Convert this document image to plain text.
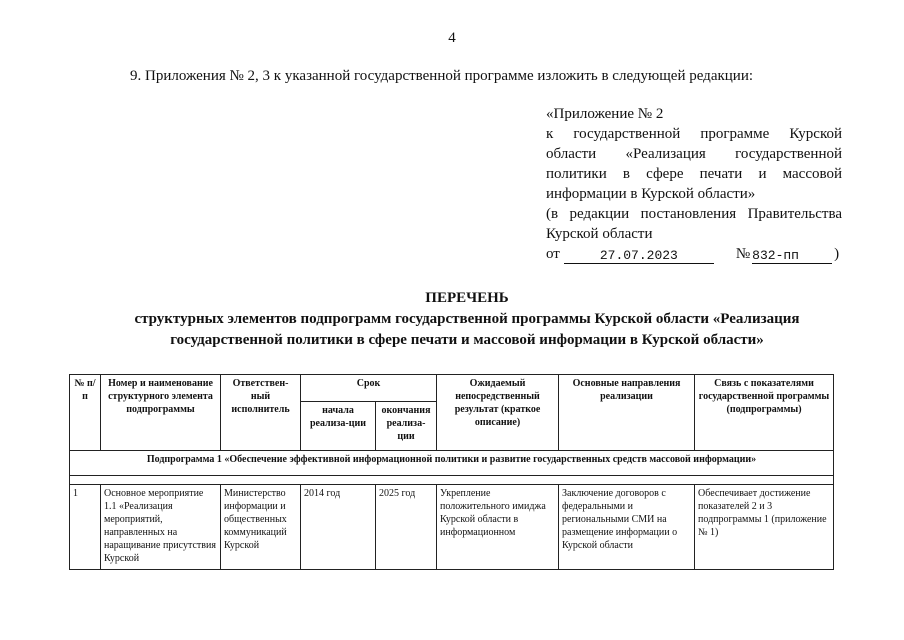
4
9. Приложения № 2, 3 к указанной государственной программе изложить в следующей редакции:
«Приложение № 2
к государственной программе Курской
области «Реализация государственной
политики в сфере печати и массовой
информации в Курской области»
(в редакции постановления Правительства
Курской области
от	27.07.2023	№ 832-пп	)
ПЕРЕЧЕНЬ
структурных элементов подпрограмм государственной программы Курской области «Реализация
государственной политики в сфере печати и массовой информации в Курской области»
№ п/п	Номер и наименование структурного элемента подпрограммы	Ответствен-ный исполнитель	Срок		Ожидаемый непосредственный результат (краткое описание)	Основные направления реализации	Связь с показателями государственной программы (подпрограммы)
			начала реализа-ции	окончания реализа-ции			
Подпрограмма 1 «Обеспечение эффективной информационной политики и развитие государственных средств массовой информации»							

1	Основное мероприятие 1.1 «Реализация мероприятий, направленных на наращивание присутствия Курской	Министерство информации и общественных коммуникаций Курской	2014 год	2025 год	Укрепление положительного имиджа Курской области в информационном	Заключение договоров с федеральными и региональными СМИ на размещение информации о Курской области	Обеспечивает достижение показателей 2 и 3 подпрограммы 1 (приложение № 1)
